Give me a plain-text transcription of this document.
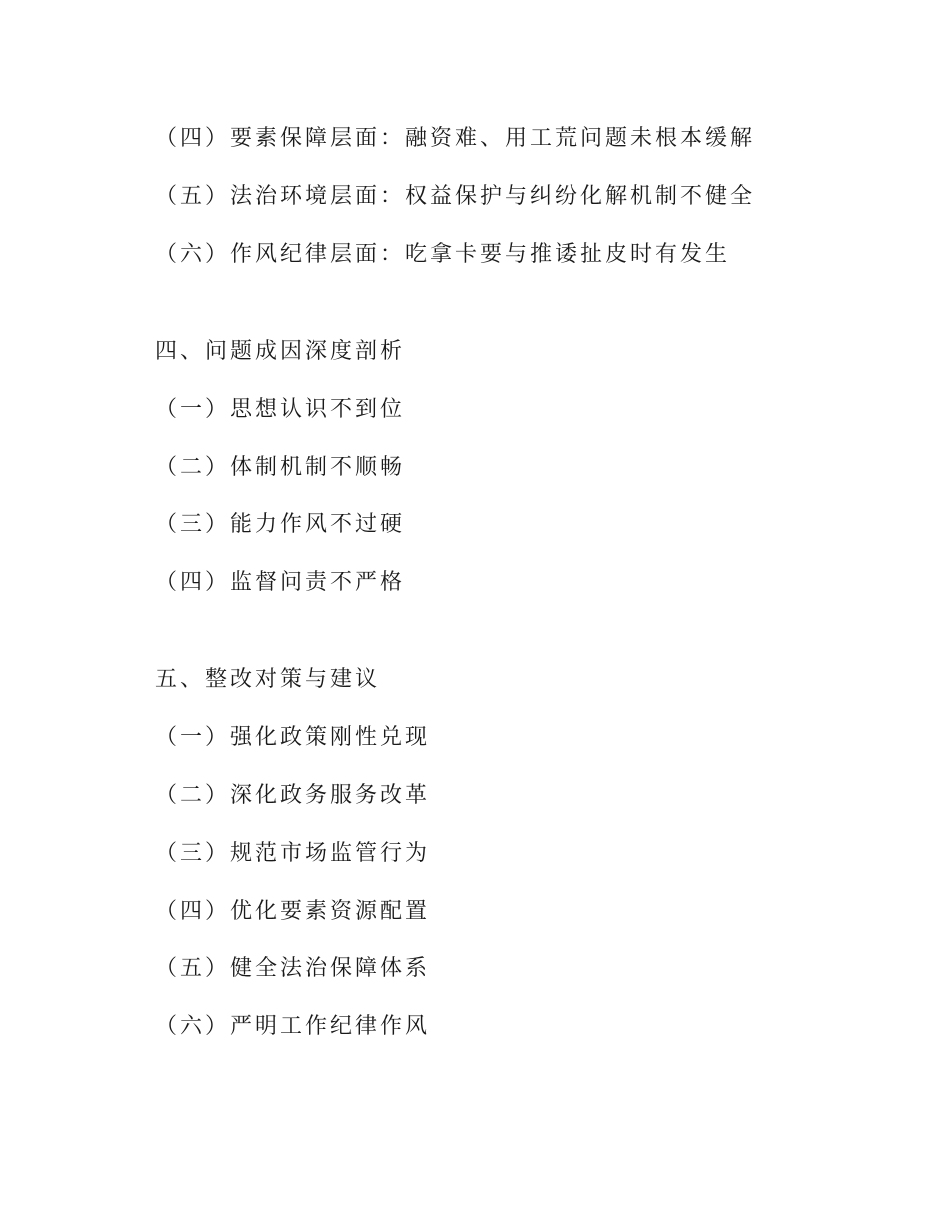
（四）要素保障层面：融资难、用工荒问题未根本缓解
（五）法治环境层面：权益保护与纠纷化解机制不健全
（六）作风纪律层面：吃拿卡要与推诿扯皮时有发生
四、问题成因深度剖析
（一）思想认识不到位
（二）体制机制不顺畅
（三）能力作风不过硬
（四）监督问责不严格
五、整改对策与建议
（一）强化政策刚性兑现
（二）深化政务服务改革
（三）规范市场监管行为
（四）优化要素资源配置
（五）健全法治保障体系
（六）严明工作纪律作风
